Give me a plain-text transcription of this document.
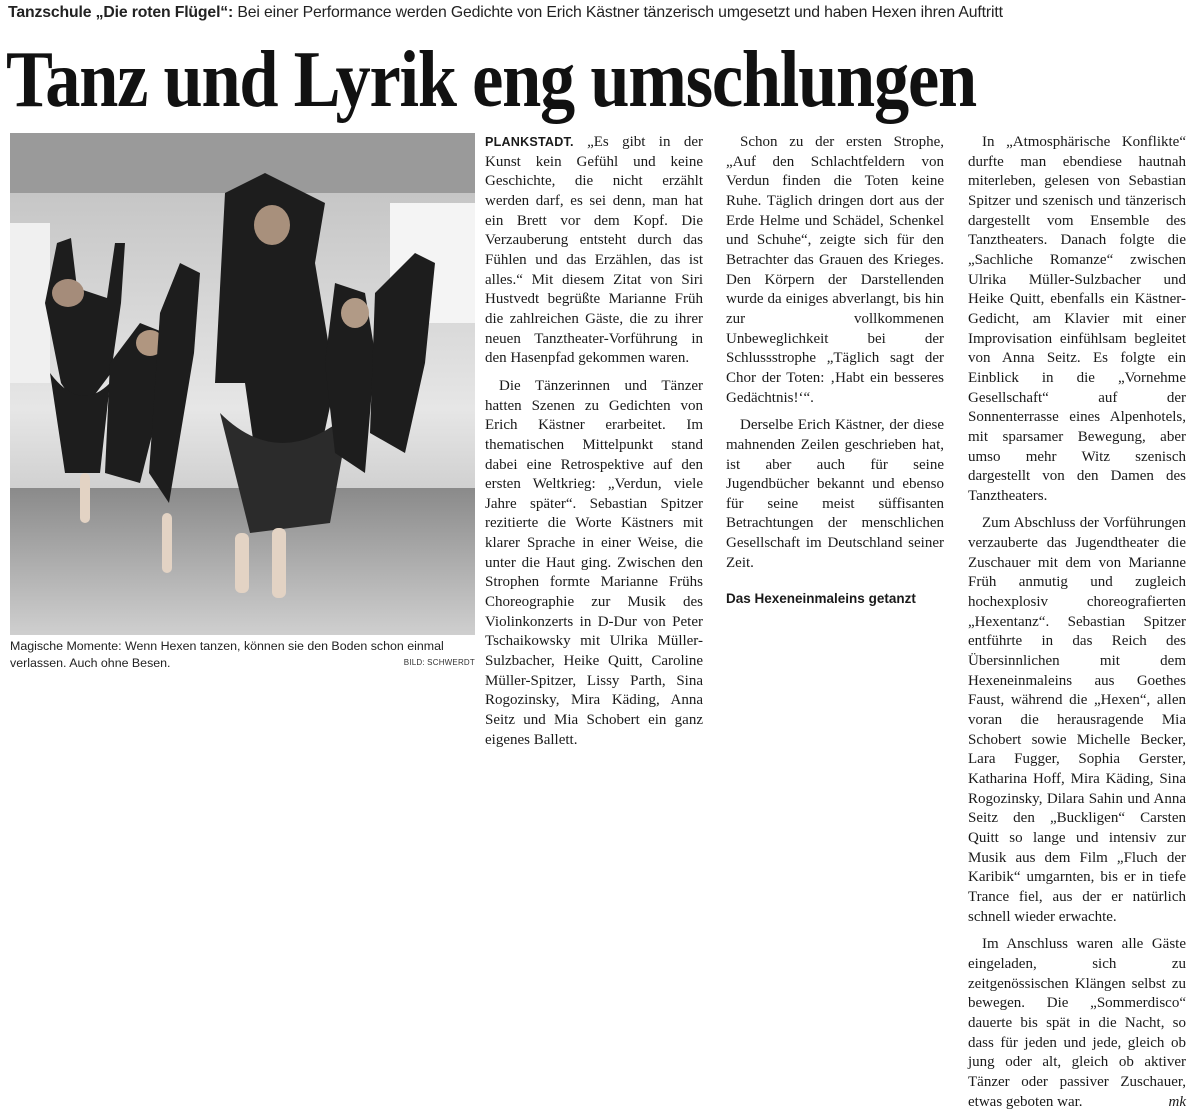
Tanzschule „Die roten Flügel“: Bei einer Performance werden Gedichte von Erich Kästner tänzerisch umgesetzt und haben Hexen ihren Auftritt
Tanz und Lyrik eng umschlungen
Magische Momente: Wenn Hexen tanzen, können sie den Boden schon einmal verlassen. Auch ohne Besen.	BILD: SCHWERDT

PLANKSTADT. „Es gibt in der Kunst kein Gefühl und keine Geschichte, die nicht erzählt werden darf, es sei denn, man hat ein Brett vor dem Kopf. Die Verzauberung entsteht durch das Fühlen und das Erzählen, das ist alles.“ Mit diesem Zitat von Siri Hustvedt begrüßte Marianne Früh die zahlreichen Gäste, die zu ihrer neuen Tanztheater-Vorführung in den Hasenpfad gekommen waren.

Die Tänzerinnen und Tänzer hatten Szenen zu Gedichten von Erich Kästner erarbeitet. Im thematischen Mittelpunkt stand dabei eine Retrospektive auf den ersten Weltkrieg: „Verdun, viele Jahre später“. Sebastian Spitzer rezitierte die Worte Kästners mit klarer Sprache in einer Weise, die unter die Haut ging. Zwischen den Strophen formte Marianne Frühs Choreographie zur Musik des Violinkonzerts in D-Dur von Peter Tschaikowsky mit Ulrika Müller-Sulzbacher, Heike Quitt, Caroline Müller-Spitzer, Lissy Parth, Sina Rogozinsky, Mira Käding, Anna Seitz und Mia Schobert ein ganz eigenes Ballett.

Schon zu der ersten Strophe, „Auf den Schlachtfeldern von Verdun finden die Toten keine Ruhe. Täglich dringen dort aus der Erde Helme und Schädel, Schenkel und Schuhe“, zeigte sich für den Betrachter das Grauen des Krieges. Den Körpern der Darstellenden wurde da einiges abverlangt, bis hin zur vollkommenen Unbeweglichkeit bei der Schlussstrophe „Täglich sagt der Chor der Toten: ‚Habt ein besseres Gedächtnis!‘“.

Derselbe Erich Kästner, der diese mahnenden Zeilen geschrieben hat, ist aber auch für seine Jugendbücher bekannt und ebenso für seine meist süffisanten Betrachtungen der menschlichen Gesellschaft im Deutschland seiner Zeit.

Das Hexeneinmaleins getanzt

In „Atmosphärische Konflikte“ durfte man ebendiese hautnah miterleben, gelesen von Sebastian Spitzer und szenisch und tänzerisch dargestellt vom Ensemble des Tanztheaters. Danach folgte die „Sachliche Romanze“ zwischen Ulrika Müller-Sulzbacher und Heike Quitt, ebenfalls ein Kästner-Gedicht, am Klavier mit einer Improvisation einfühlsam begleitet von Anna Seitz. Es folgte ein Einblick in die „Vornehme Gesellschaft“ auf der Sonnenterrasse eines Alpenhotels, mit sparsamer Bewegung, aber umso mehr Witz szenisch dargestellt von den Damen des Tanztheaters.

Zum Abschluss der Vorführungen verzauberte das Jugendtheater die Zuschauer mit dem von Marianne Früh anmutig und zugleich hochexplosiv choreografierten „Hexentanz“. Sebastian Spitzer entführte in das Reich des Übersinnlichen mit dem Hexeneinmaleins aus Goethes Faust, während die „Hexen“, allen voran die herausragende Mia Schobert sowie Michelle Becker, Lara Fugger, Sophia Gerster, Katharina Hoff, Mira Käding, Sina Rogozinsky, Dilara Sahin und Anna Seitz den „Buckligen“ Carsten Quitt so lange und intensiv zur Musik aus dem Film „Fluch der Karibik“ umgarnten, bis er in tiefe Trance fiel, aus der er natürlich schnell wieder erwachte.

Im Anschluss waren alle Gäste eingeladen, sich zu zeitgenössischen Klängen selbst zu bewegen. Die „Sommerdisco“ dauerte bis spät in die Nacht, so dass für jeden und jede, gleich ob jung oder alt, gleich ob aktiver Tänzer oder passiver Zuschauer, etwas geboten war.	mk
